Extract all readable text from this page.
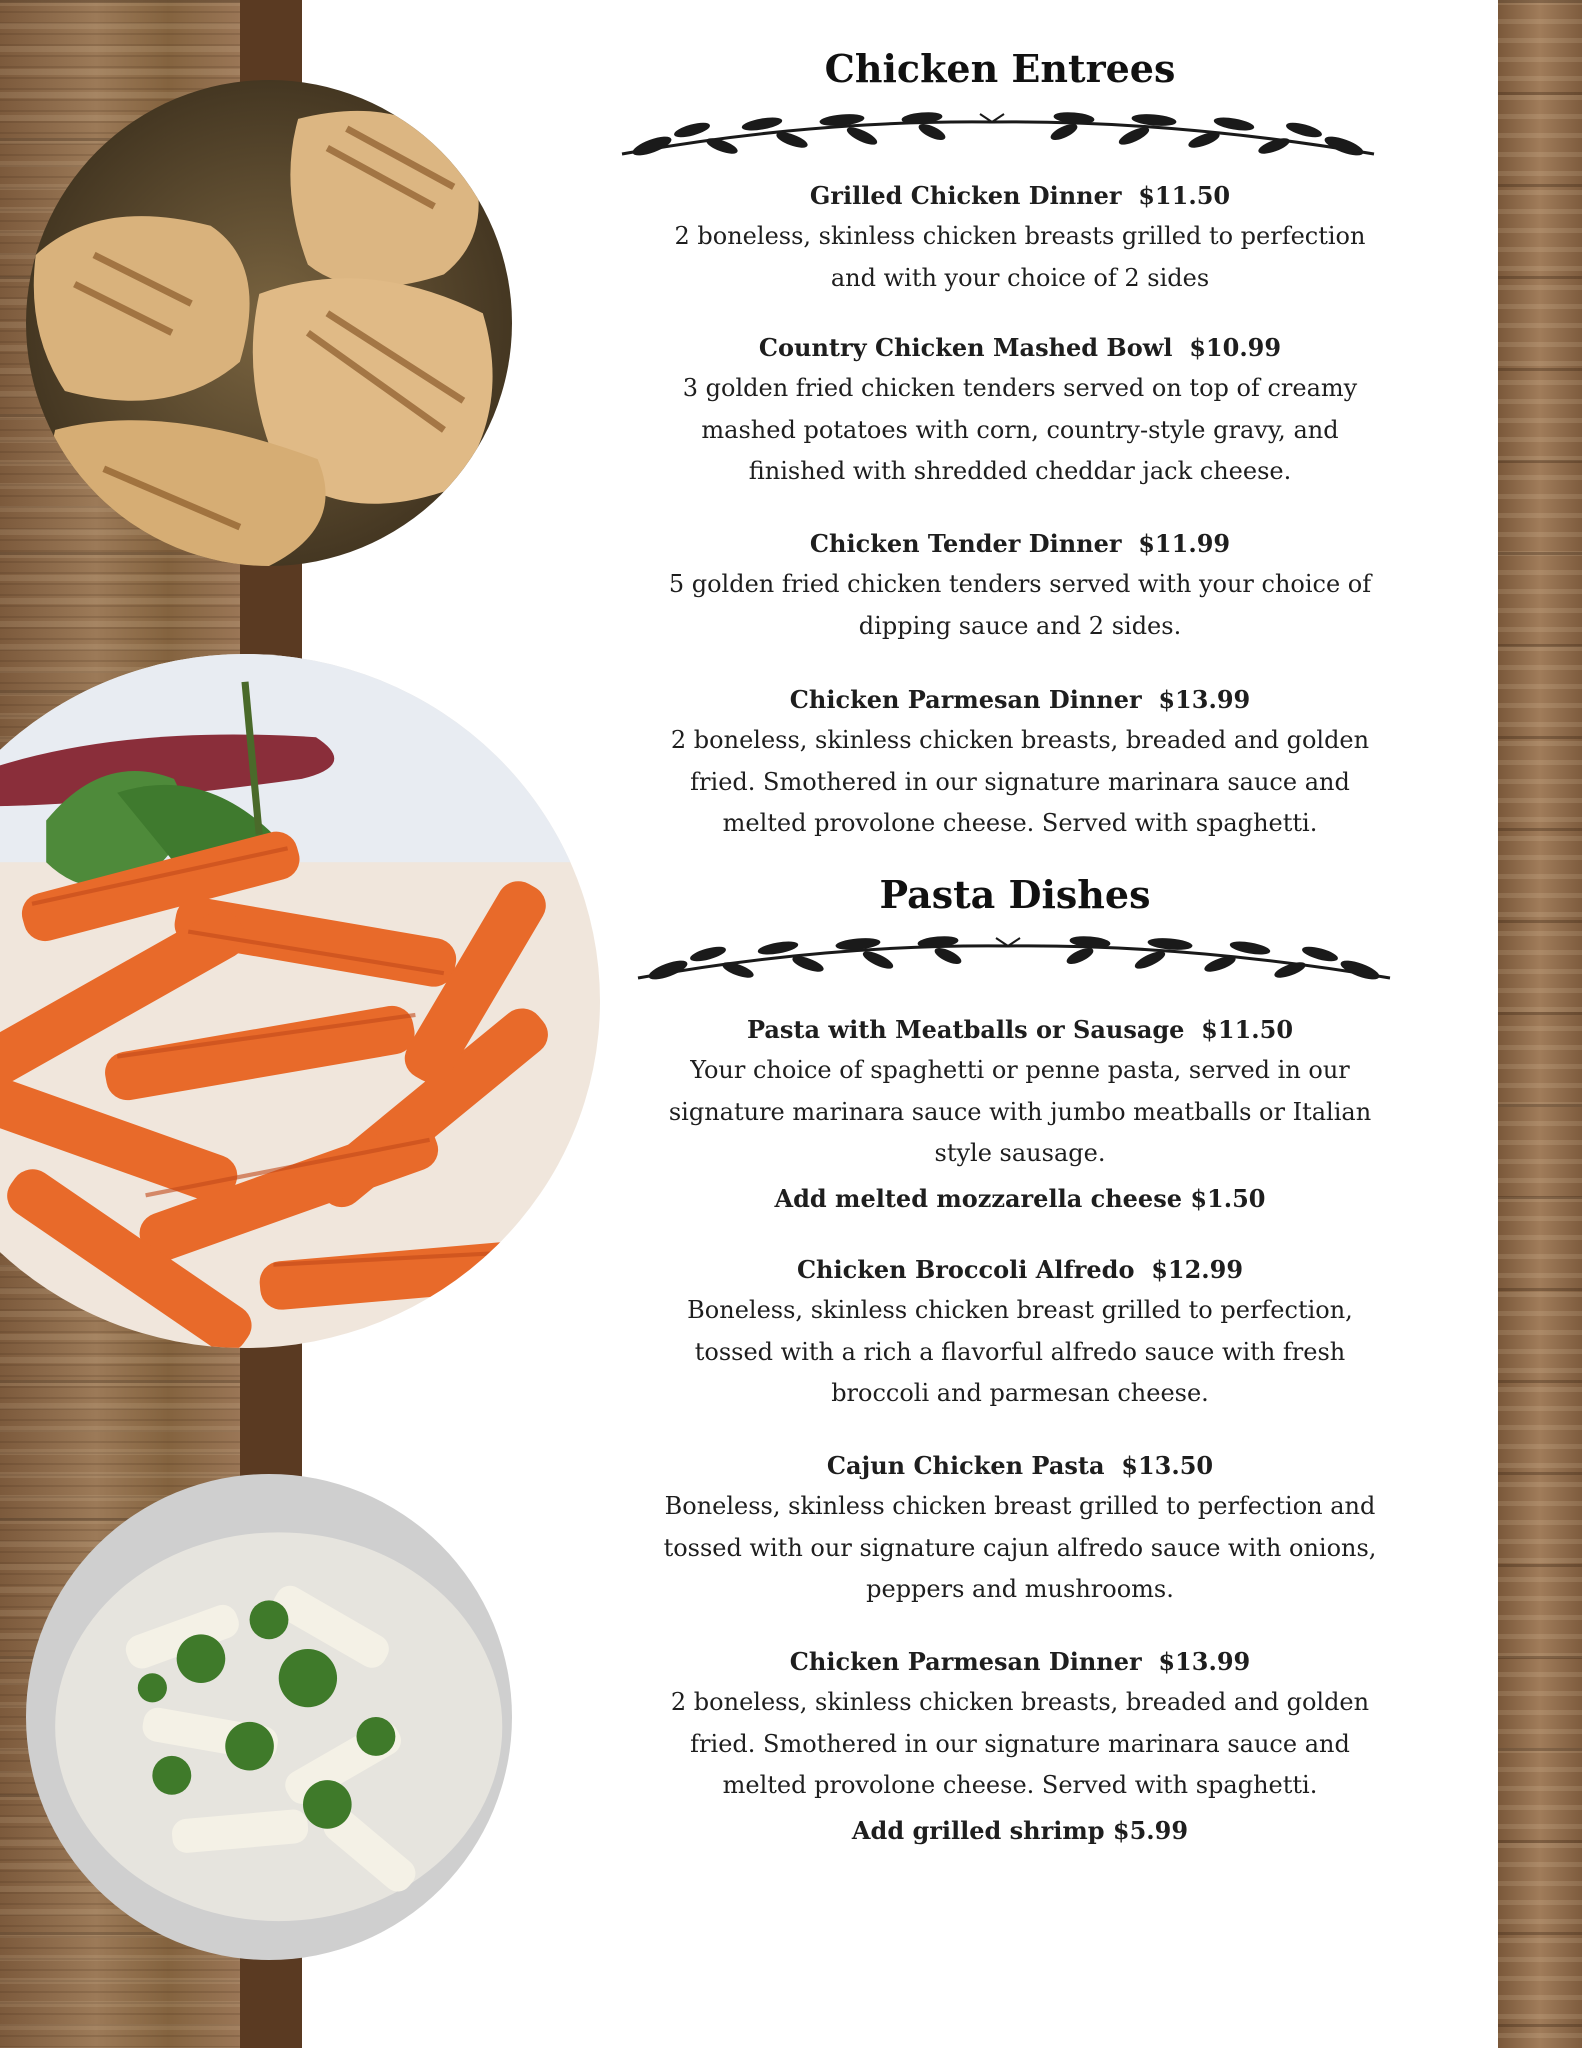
Chicken Entrees

Grilled Chicken Dinner $11.50

2 boneless, skinless chicken breasts grilled to perfection and with your choice of 2 sides

Country Chicken Mashed Bowl $10.99

3 golden fried chicken tenders served on top of creamy mashed potatoes with corn, country-style gravy, and finished with shredded cheddar jack cheese.

Chicken Tender Dinner $11.99

5 golden fried chicken tenders served with your choice of dipping sauce and 2 sides.

Chicken Parmesan Dinner $13.99

2 boneless, skinless chicken breasts, breaded and golden fried. Smothered in our signature marinara sauce and melted provolone cheese. Served with spaghetti.

Pasta Dishes

Pasta with Meatballs or Sausage $11.50

Your choice of spaghetti or penne pasta, served in our signature marinara sauce with jumbo meatballs or Italian style sausage.

Add melted mozzarella cheese $1.50

Chicken Broccoli Alfredo $12.99

Boneless, skinless chicken breast grilled to perfection, tossed with a rich a flavorful alfredo sauce with fresh broccoli and parmesan cheese.

Cajun Chicken Pasta $13.50

Boneless, skinless chicken breast grilled to perfection and tossed with our signature cajun alfredo sauce with onions, peppers and mushrooms.

Chicken Parmesan Dinner $13.99

2 boneless, skinless chicken breasts, breaded and golden fried. Smothered in our signature marinara sauce and melted provolone cheese. Served with spaghetti.

Add grilled shrimp $5.99
